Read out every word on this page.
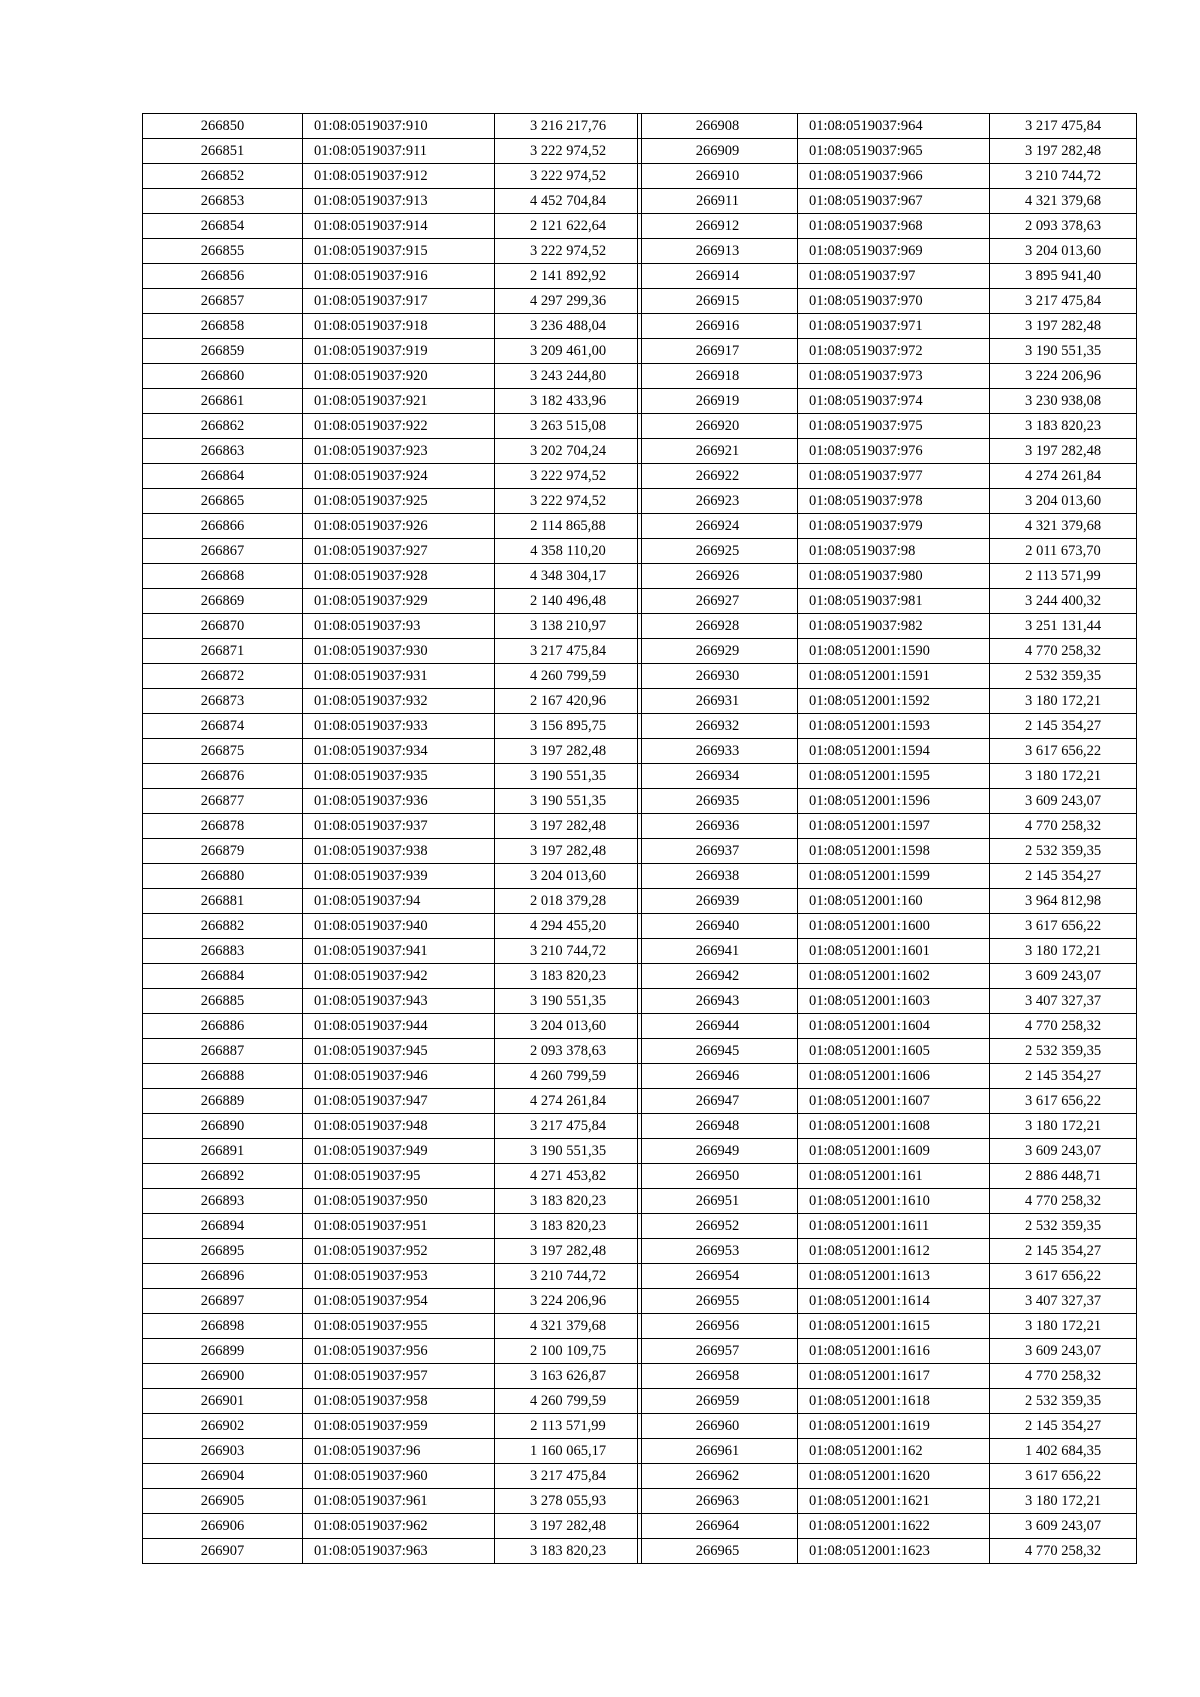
266850	01:08:0519037:910	3 216 217,76
266851	01:08:0519037:911	3 222 974,52
266852	01:08:0519037:912	3 222 974,52
266853	01:08:0519037:913	4 452 704,84
266854	01:08:0519037:914	2 121 622,64
266855	01:08:0519037:915	3 222 974,52
266856	01:08:0519037:916	2 141 892,92
266857	01:08:0519037:917	4 297 299,36
266858	01:08:0519037:918	3 236 488,04
266859	01:08:0519037:919	3 209 461,00
266860	01:08:0519037:920	3 243 244,80
266861	01:08:0519037:921	3 182 433,96
266862	01:08:0519037:922	3 263 515,08
266863	01:08:0519037:923	3 202 704,24
266864	01:08:0519037:924	3 222 974,52
266865	01:08:0519037:925	3 222 974,52
266866	01:08:0519037:926	2 114 865,88
266867	01:08:0519037:927	4 358 110,20
266868	01:08:0519037:928	4 348 304,17
266869	01:08:0519037:929	2 140 496,48
266870	01:08:0519037:93	3 138 210,97
266871	01:08:0519037:930	3 217 475,84
266872	01:08:0519037:931	4 260 799,59
266873	01:08:0519037:932	2 167 420,96
266874	01:08:0519037:933	3 156 895,75
266875	01:08:0519037:934	3 197 282,48
266876	01:08:0519037:935	3 190 551,35
266877	01:08:0519037:936	3 190 551,35
266878	01:08:0519037:937	3 197 282,48
266879	01:08:0519037:938	3 197 282,48
266880	01:08:0519037:939	3 204 013,60
266881	01:08:0519037:94	2 018 379,28
266882	01:08:0519037:940	4 294 455,20
266883	01:08:0519037:941	3 210 744,72
266884	01:08:0519037:942	3 183 820,23
266885	01:08:0519037:943	3 190 551,35
266886	01:08:0519037:944	3 204 013,60
266887	01:08:0519037:945	2 093 378,63
266888	01:08:0519037:946	4 260 799,59
266889	01:08:0519037:947	4 274 261,84
266890	01:08:0519037:948	3 217 475,84
266891	01:08:0519037:949	3 190 551,35
266892	01:08:0519037:95	4 271 453,82
266893	01:08:0519037:950	3 183 820,23
266894	01:08:0519037:951	3 183 820,23
266895	01:08:0519037:952	3 197 282,48
266896	01:08:0519037:953	3 210 744,72
266897	01:08:0519037:954	3 224 206,96
266898	01:08:0519037:955	4 321 379,68
266899	01:08:0519037:956	2 100 109,75
266900	01:08:0519037:957	3 163 626,87
266901	01:08:0519037:958	4 260 799,59
266902	01:08:0519037:959	2 113 571,99
266903	01:08:0519037:96	1 160 065,17
266904	01:08:0519037:960	3 217 475,84
266905	01:08:0519037:961	3 278 055,93
266906	01:08:0519037:962	3 197 282,48
266907	01:08:0519037:963	3 183 820,23
266908	01:08:0519037:964	3 217 475,84
266909	01:08:0519037:965	3 197 282,48
266910	01:08:0519037:966	3 210 744,72
266911	01:08:0519037:967	4 321 379,68
266912	01:08:0519037:968	2 093 378,63
266913	01:08:0519037:969	3 204 013,60
266914	01:08:0519037:97	3 895 941,40
266915	01:08:0519037:970	3 217 475,84
266916	01:08:0519037:971	3 197 282,48
266917	01:08:0519037:972	3 190 551,35
266918	01:08:0519037:973	3 224 206,96
266919	01:08:0519037:974	3 230 938,08
266920	01:08:0519037:975	3 183 820,23
266921	01:08:0519037:976	3 197 282,48
266922	01:08:0519037:977	4 274 261,84
266923	01:08:0519037:978	3 204 013,60
266924	01:08:0519037:979	4 321 379,68
266925	01:08:0519037:98	2 011 673,70
266926	01:08:0519037:980	2 113 571,99
266927	01:08:0519037:981	3 244 400,32
266928	01:08:0519037:982	3 251 131,44
266929	01:08:0512001:1590	4 770 258,32
266930	01:08:0512001:1591	2 532 359,35
266931	01:08:0512001:1592	3 180 172,21
266932	01:08:0512001:1593	2 145 354,27
266933	01:08:0512001:1594	3 617 656,22
266934	01:08:0512001:1595	3 180 172,21
266935	01:08:0512001:1596	3 609 243,07
266936	01:08:0512001:1597	4 770 258,32
266937	01:08:0512001:1598	2 532 359,35
266938	01:08:0512001:1599	2 145 354,27
266939	01:08:0512001:160	3 964 812,98
266940	01:08:0512001:1600	3 617 656,22
266941	01:08:0512001:1601	3 180 172,21
266942	01:08:0512001:1602	3 609 243,07
266943	01:08:0512001:1603	3 407 327,37
266944	01:08:0512001:1604	4 770 258,32
266945	01:08:0512001:1605	2 532 359,35
266946	01:08:0512001:1606	2 145 354,27
266947	01:08:0512001:1607	3 617 656,22
266948	01:08:0512001:1608	3 180 172,21
266949	01:08:0512001:1609	3 609 243,07
266950	01:08:0512001:161	2 886 448,71
266951	01:08:0512001:1610	4 770 258,32
266952	01:08:0512001:1611	2 532 359,35
266953	01:08:0512001:1612	2 145 354,27
266954	01:08:0512001:1613	3 617 656,22
266955	01:08:0512001:1614	3 407 327,37
266956	01:08:0512001:1615	3 180 172,21
266957	01:08:0512001:1616	3 609 243,07
266958	01:08:0512001:1617	4 770 258,32
266959	01:08:0512001:1618	2 532 359,35
266960	01:08:0512001:1619	2 145 354,27
266961	01:08:0512001:162	1 402 684,35
266962	01:08:0512001:1620	3 617 656,22
266963	01:08:0512001:1621	3 180 172,21
266964	01:08:0512001:1622	3 609 243,07
266965	01:08:0512001:1623	4 770 258,32
